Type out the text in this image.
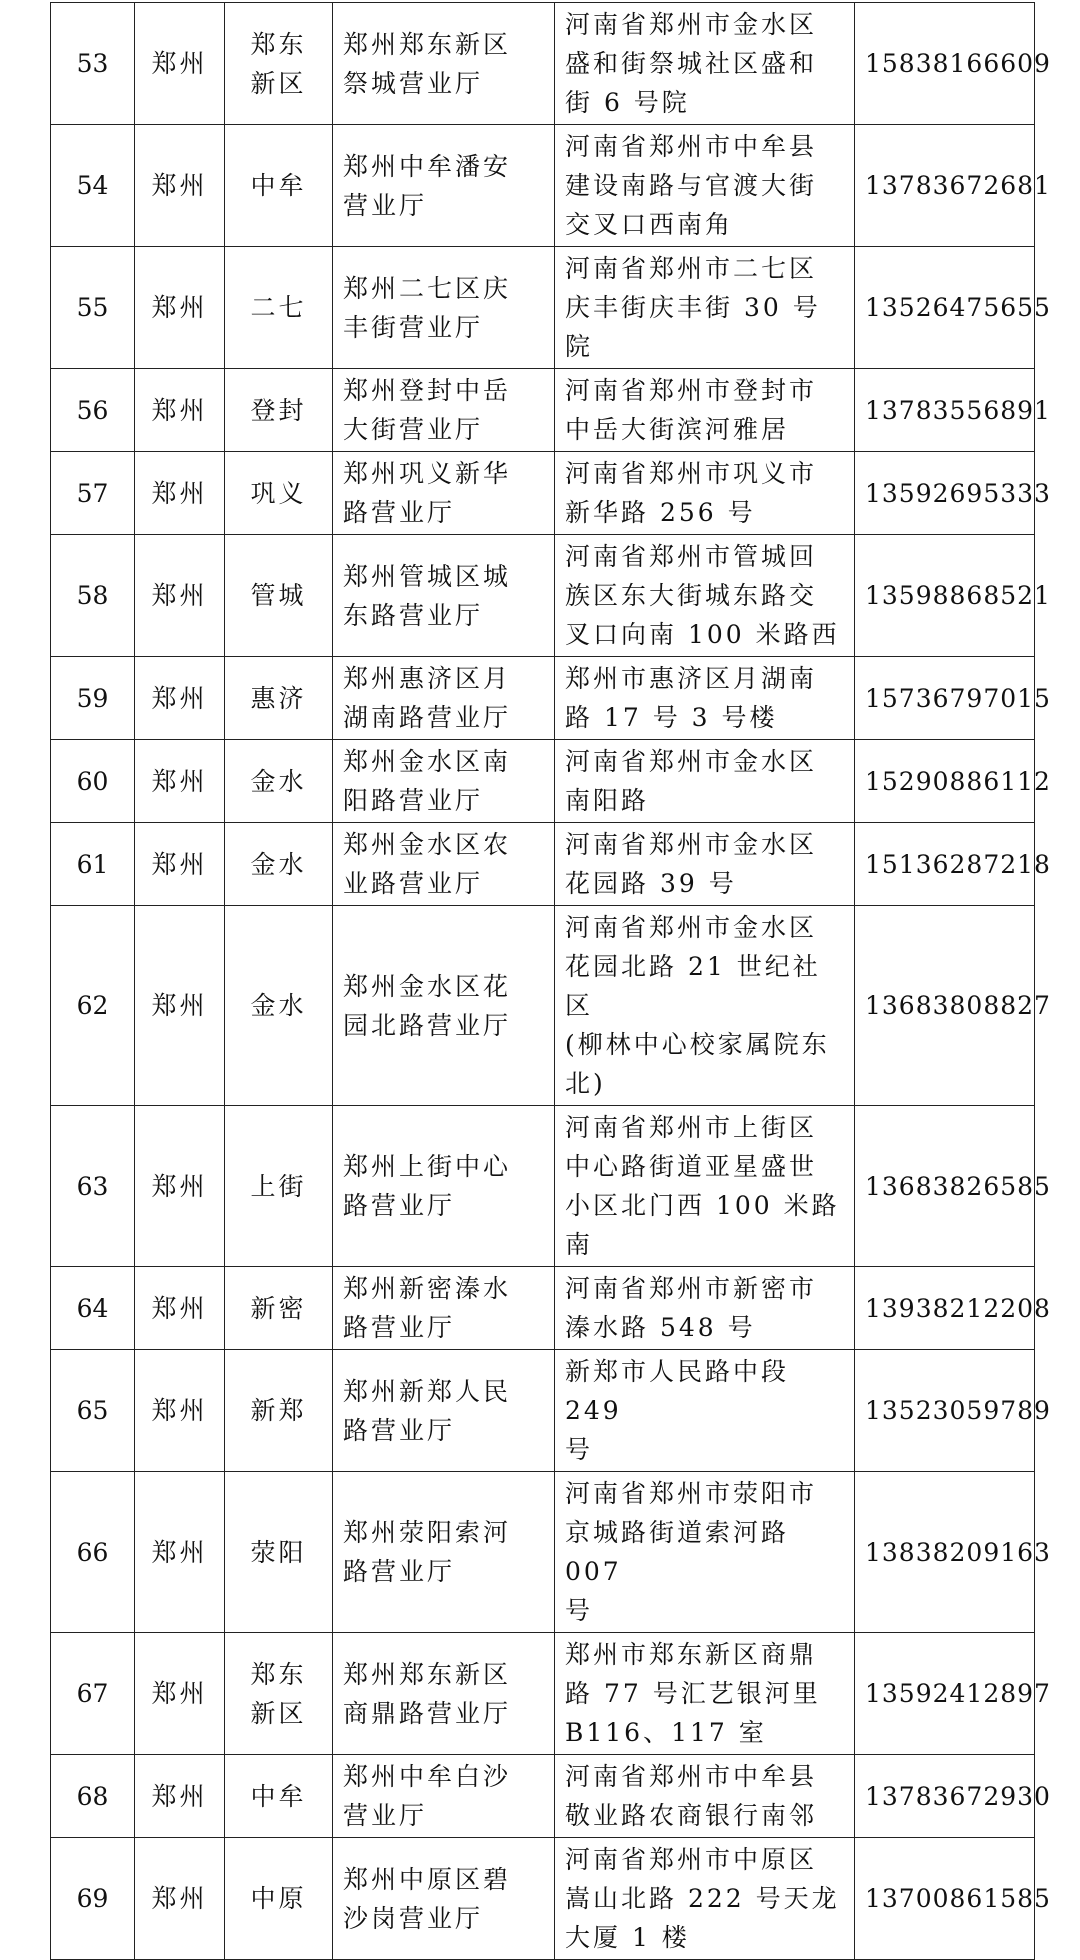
53	郑州	郑东
新区	郑州郑东新区
祭城营业厅	河南省郑州市金水区
盛和街祭城社区盛和
街 6 号院	15838166609

54	郑州	中牟	郑州中牟潘安
营业厅	河南省郑州市中牟县
建设南路与官渡大街
交叉口西南角	13783672681

55	郑州	二七	郑州二七区庆
丰街营业厅	河南省郑州市二七区
庆丰街庆丰街 30 号院	13526475655

56	郑州	登封	郑州登封中岳
大街营业厅	河南省郑州市登封市
中岳大街滨河雅居	13783556891

57	郑州	巩义	郑州巩义新华
路营业厅	河南省郑州市巩义市
新华路 256 号	13592695333

58	郑州	管城	郑州管城区城
东路营业厅	河南省郑州市管城回
族区东大街城东路交
叉口向南 100 米路西	13598868521

59	郑州	惠济	郑州惠济区月
湖南路营业厅	郑州市惠济区月湖南
路 17 号 3 号楼	15736797015

60	郑州	金水	郑州金水区南
阳路营业厅	河南省郑州市金水区
南阳路	15290886112

61	郑州	金水	郑州金水区农
业路营业厅	河南省郑州市金水区
花园路 39 号	15136287218

62	郑州	金水	郑州金水区花
园北路营业厅	河南省郑州市金水区
花园北路 21 世纪社区
(柳林中心校家属院东
北)	13683808827

63	郑州	上街	郑州上街中心
路营业厅	河南省郑州市上街区
中心路街道亚星盛世
小区北门西 100 米路
南	13683826585

64	郑州	新密	郑州新密溱水
路营业厅	河南省郑州市新密市
溱水路 548 号	13938212208

65	郑州	新郑	郑州新郑人民
路营业厅	新郑市人民路中段 249
号	13523059789

66	郑州	荥阳	郑州荥阳索河
路营业厅	河南省郑州市荥阳市
京城路街道索河路 007
号	13838209163

67	郑州	郑东
新区	郑州郑东新区
商鼎路营业厅	郑州市郑东新区商鼎
路 77 号汇艺银河里
B116、117 室	13592412897

68	郑州	中牟	郑州中牟白沙
营业厅	河南省郑州市中牟县
敬业路农商银行南邻	13783672930

69	郑州	中原	郑州中原区碧
沙岗营业厅	河南省郑州市中原区
嵩山北路 222 号天龙
大厦 1 楼	13700861585
